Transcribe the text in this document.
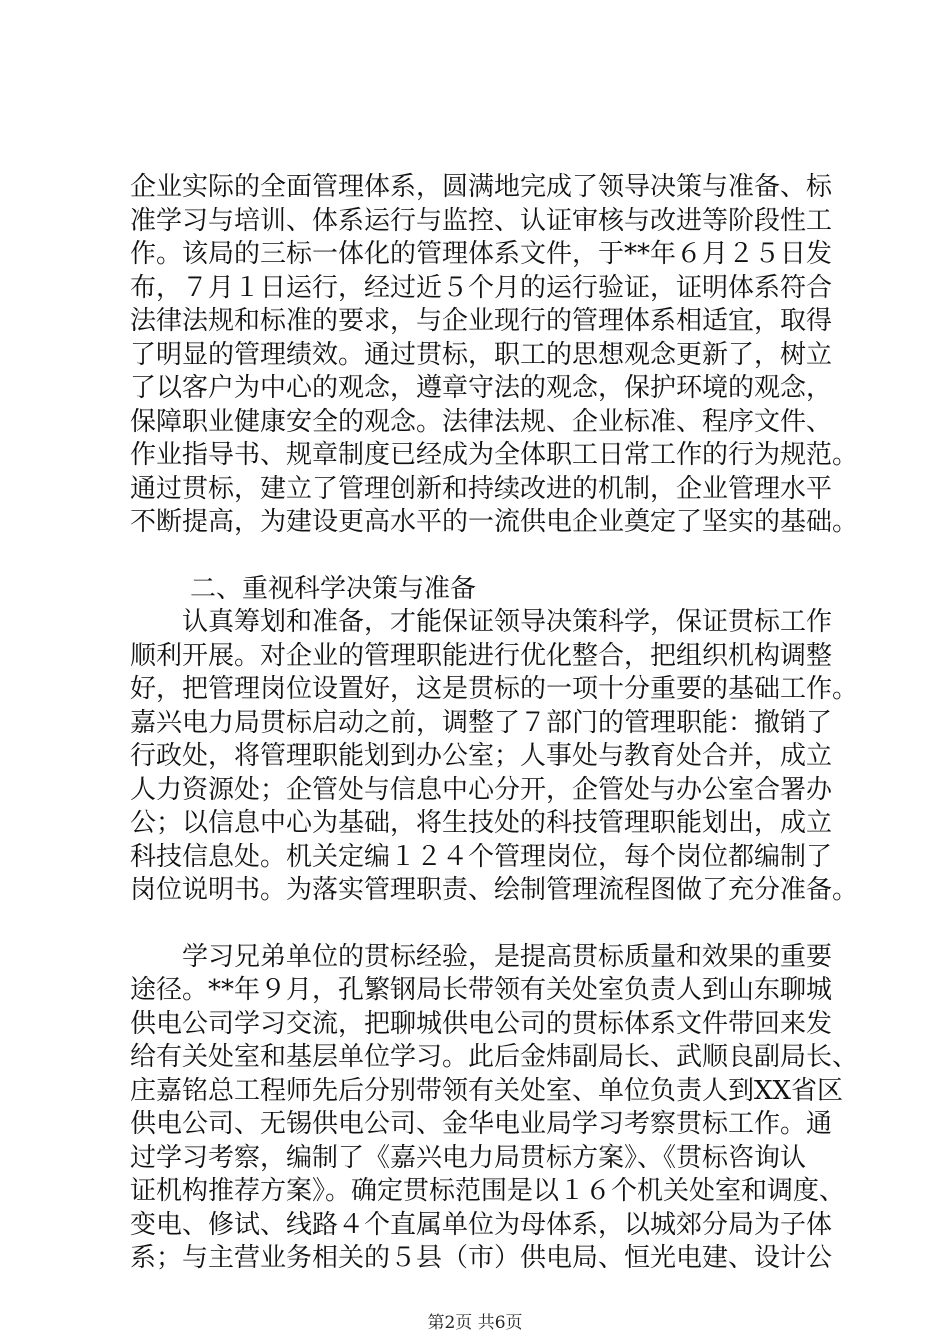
企业实际的全面管理体系，圆满地完成了领导决策与准备、标
准学习与培训、体系运行与监控、认证审核与改进等阶段性工
作。该局的三标一体化的管理体系文件，于**年６月２５日发
布，７月１日运行，经过近５个月的运行验证，证明体系符合
法律法规和标准的要求，与企业现行的管理体系相适宜，取得
了明显的管理绩效。通过贯标，职工的思想观念更新了，树立
了以客户为中心的观念，遵章守法的观念，保护环境的观念，
保障职业健康安全的观念。法律法规、企业标准、程序文件、
作业指导书、规章制度已经成为全体职工日常工作的行为规范。
通过贯标，建立了管理创新和持续改进的机制，企业管理水平
不断提高，为建设更高水平的一流供电企业奠定了坚实的基础。
二、重视科学决策与准备
认真筹划和准备，才能保证领导决策科学，保证贯标工作
顺利开展。对企业的管理职能进行优化整合，把组织机构调整
好，把管理岗位设置好，这是贯标的一项十分重要的基础工作。
嘉兴电力局贯标启动之前，调整了７部门的管理职能：撤销了
行政处，将管理职能划到办公室；人事处与教育处合并，成立
人力资源处；企管处与信息中心分开，企管处与办公室合署办
公；以信息中心为基础，将生技处的科技管理职能划出，成立
科技信息处。机关定编１２４个管理岗位，每个岗位都编制了
岗位说明书。为落实管理职责、绘制管理流程图做了充分准备。
学习兄弟单位的贯标经验，是提高贯标质量和效果的重要
途径。**年９月，孔繁钢局长带领有关处室负责人到山东聊城
供电公司学习交流，把聊城供电公司的贯标体系文件带回来发
给有关处室和基层单位学习。此后金炜副局长、武顺良副局长、
庄嘉铭总工程师先后分别带领有关处室、单位负责人到XX省区
供电公司、无锡供电公司、金华电业局学习考察贯标工作。通
过学习考察，编制了《嘉兴电力局贯标方案》、《贯标咨询认
证机构推荐方案》。确定贯标范围是以１６个机关处室和调度、
变电、修试、线路４个直属单位为母体系，以城郊分局为子体
系；与主营业务相关的５县（市）供电局、恒光电建、设计公
第2页 共6页
